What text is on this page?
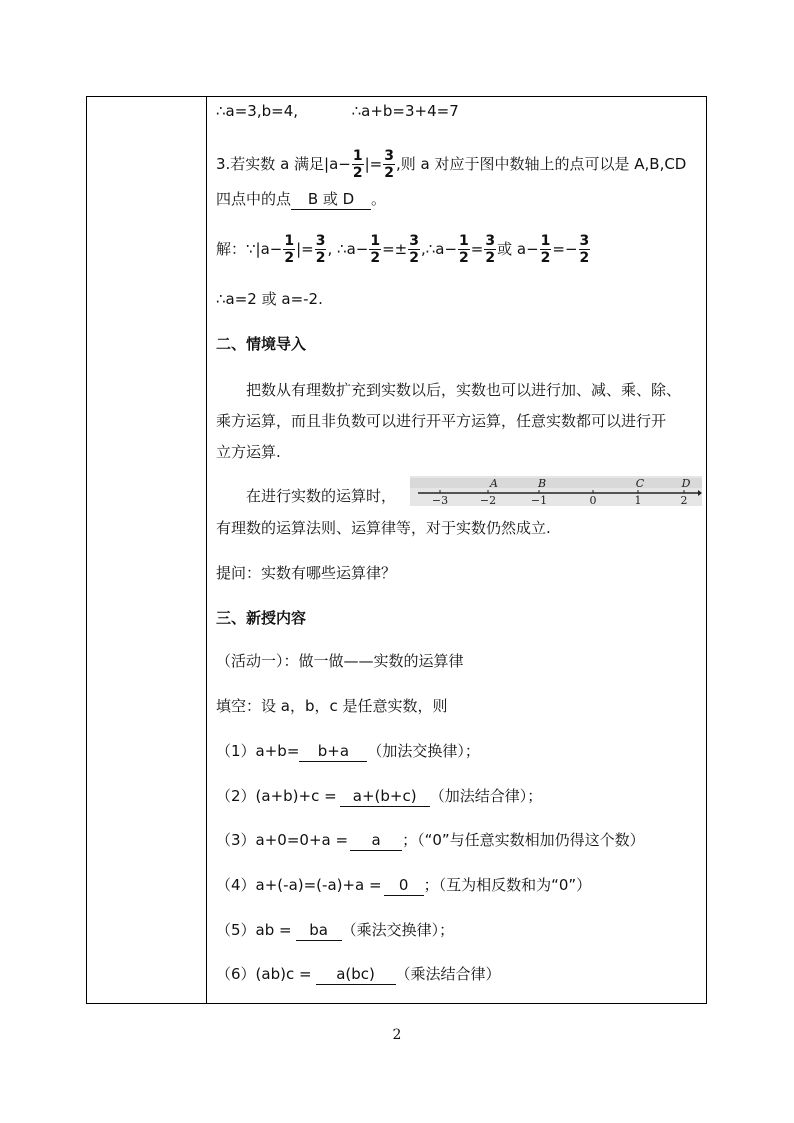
∴a=3,b=4,	∴a+b=3+4=7
3.若实数 a 满足$|a- \frac{1}{2}$ |= $\frac{3}{2}$ ,则 a 对应于图中数轴上的点可以是 A,B,CD
四点中的点 B 或 D 。
解：∵|a− $\frac{1}{2}$ |= $\frac{3}{2}$ , ∴a− $\frac{1}{2} =\pm \frac{3}{2}$ ,∴a− $\frac{1}{2} = \frac{3}{2}$ 或 $a- \frac{1}{2} =- \frac{3}{2}$
∴a=2 或 a=-2.
二、情境导入
把数从有理数扩充到实数以后，实数也可以进行加、减、乘、除、
乘方运算，而且非负数可以进行开平方运算，任意实数都可以进行开
立方运算.
在进行实数的运算时，
A	B	C	D
−3	−2	−1	0	1	2
有理数的运算法则、运算律等，对于实数仍然成立.
提问：实数有哪些运算律？
三、新授内容
（活动一）：做一做——实数的运算律
填空：设 a，b，c 是任意实数，则
（1）a+b= b+a （加法交换律）；
（2）(a+b)+c = a+(b+c) （加法结合律）；
（3）a+0=0+a = a ；（“0”与任意实数相加仍得这个数）
（4）a+(-a)=(-a)+a = 0 ；（互为相反数和为“0”）
（5）ab = ba （乘法交换律）；
（6）(ab)c = a(bc) （乘法结合律）
2
